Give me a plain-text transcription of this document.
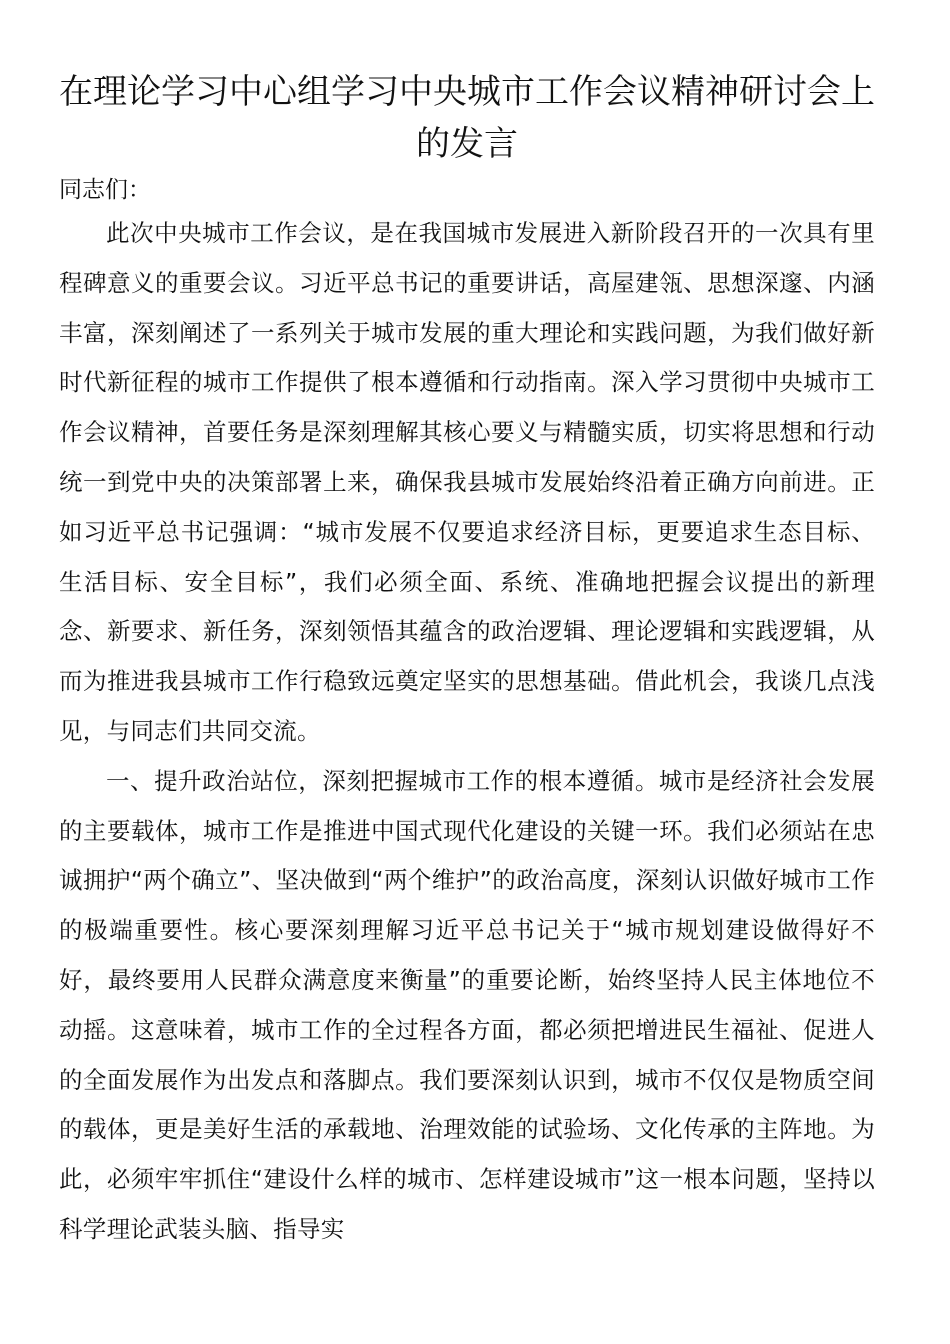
在理论学习中心组学习中央城市工作会议精神研讨会上的发言

同志们：

此次中央城市工作会议，是在我国城市发展进入新阶段召开的一次具有里程碑意义的重要会议。习近平总书记的重要讲话，高屋建瓴、思想深邃、内涵丰富，深刻阐述了一系列关于城市发展的重大理论和实践问题，为我们做好新时代新征程的城市工作提供了根本遵循和行动指南。深入学习贯彻中央城市工作会议精神，首要任务是深刻理解其核心要义与精髓实质，切实将思想和行动统一到党中央的决策部署上来，确保我县城市发展始终沿着正确方向前进。正如习近平总书记强调：“城市发展不仅要追求经济目标，更要追求生态目标、生活目标、安全目标”，我们必须全面、系统、准确地把握会议提出的新理念、新要求、新任务，深刻领悟其蕴含的政治逻辑、理论逻辑和实践逻辑，从而为推进我县城市工作行稳致远奠定坚实的思想基础。借此机会，我谈几点浅见，与同志们共同交流。

一、提升政治站位，深刻把握城市工作的根本遵循。城市是经济社会发展的主要载体，城市工作是推进中国式现代化建设的关键一环。我们必须站在忠诚拥护“两个确立”、坚决做到“两个维护”的政治高度，深刻认识做好城市工作的极端重要性。核心要深刻理解习近平总书记关于“城市规划建设做得好不好，最终要用人民群众满意度来衡量”的重要论断，始终坚持人民主体地位不动摇。这意味着，城市工作的全过程各方面，都必须把增进民生福祉、促进人的全面发展作为出发点和落脚点。我们要深刻认识到，城市不仅仅是物质空间的载体，更是美好生活的承载地、治理效能的试验场、文化传承的主阵地。为此，必须牢牢抓住“建设什么样的城市、怎样建设城市”这一根本问题，坚持以科学理论武装头脑、指导实
